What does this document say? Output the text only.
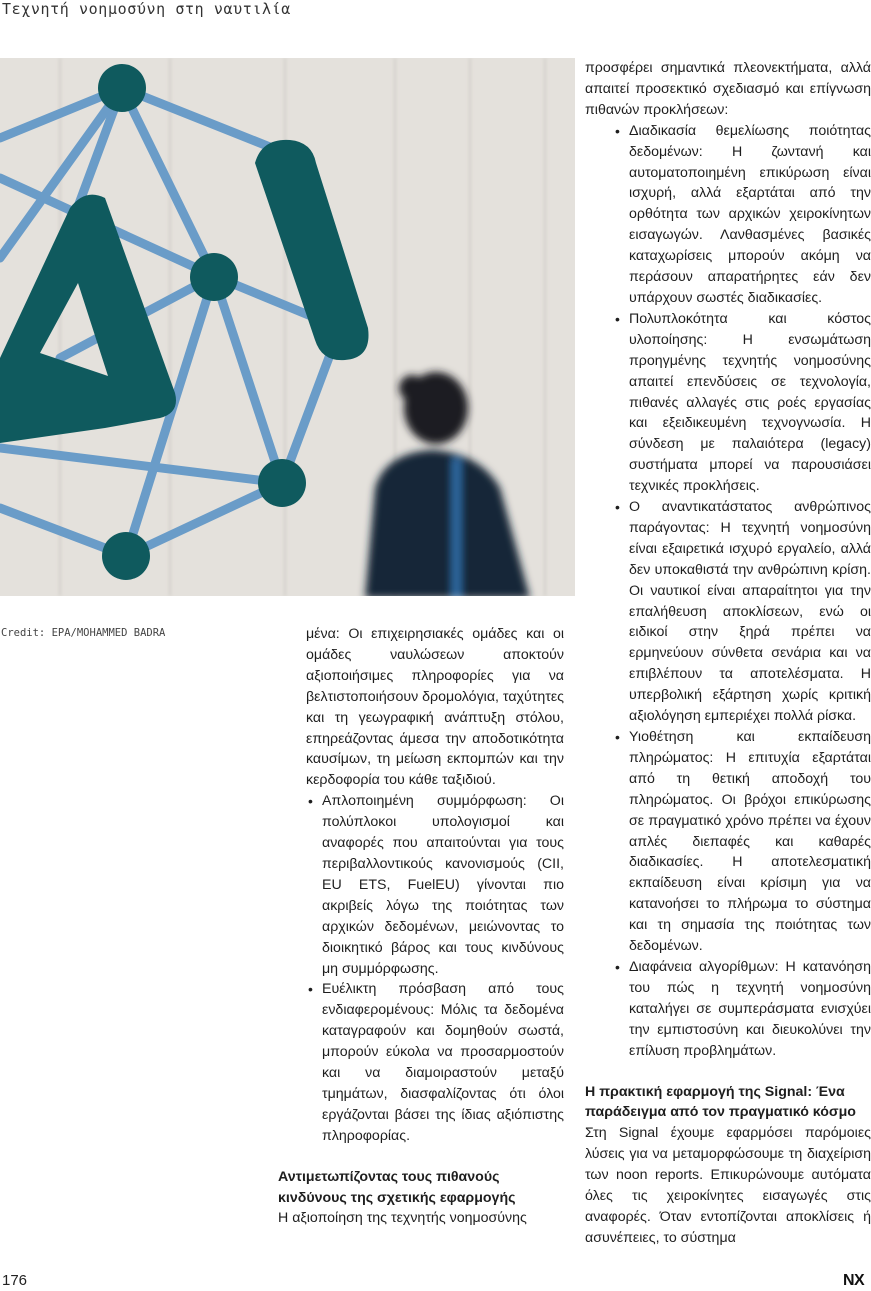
Τεχνητή νοημοσύνη στη ναυτιλία
Credit: EPA/MOHAMMED BADRA	μένα: Οι επιχειρησιακές ομάδες και οι ομάδες ναυλώσεων αποκτούν αξιοποιήσιμες πληροφορίες για να βελτιστοποιήσουν δρομολόγια, ταχύτητες και τη γεωγραφική ανάπτυξη στόλου, επηρεάζοντας άμεσα την αποδοτικότητα καυσίμων, τη μείωση εκπομπών και την κερδοφορία του κάθε ταξιδιού.

• Απλοποιημένη συμμόρφωση: Οι πολύπλοκοι υπολογισμοί και αναφορές που απαιτούνται για τους περιβαλλοντικούς κανονισμούς (CII, EU ETS, FuelEU) γίνονται πιο ακριβείς λόγω της ποιότητας των αρχικών δεδομένων, μειώνοντας το διοικητικό βάρος και τους κινδύνους μη συμμόρφωσης.
• Ευέλικτη πρόσβαση από τους ενδιαφερομένους: Μόλις τα δεδομένα καταγραφούν και δομηθούν σωστά, μπορούν εύκολα να προσαρμοστούν και να διαμοιραστούν μεταξύ τμημάτων, διασφαλίζοντας ότι όλοι εργάζονται βάσει της ίδιας αξιόπιστης πληροφορίας.
Αντιμετωπίζοντας τους πιθανούς κινδύνους της σχετικής εφαρμογής

Η αξιοποίηση της τεχνητής νοημοσύνης

προσφέρει σημαντικά πλεονεκτήματα, αλλά απαιτεί προσεκτικό σχεδιασμό και επίγνωση πιθανών προκλήσεων:

• Διαδικασία θεμελίωσης ποιότητας δεδομένων: Η ζωντανή και αυτοματοποιημένη επικύρωση είναι ισχυρή, αλλά εξαρτάται από την ορθότητα των αρχικών χειροκίνητων εισαγωγών. Λανθασμένες βασικές καταχωρίσεις μπορούν ακόμη να περάσουν απαρατήρητες εάν δεν υπάρχουν σωστές διαδικασίες.
• Πολυπλοκότητα και κόστος υλοποίησης: Η ενσωμάτωση προηγμένης τεχνητής νοημοσύνης απαιτεί επενδύσεις σε τεχνολογία, πιθανές αλλαγές στις ροές εργασίας και εξειδικευμένη τεχνογνωσία. Η σύνδεση με παλαιότερα (legacy) συστήματα μπορεί να παρουσιάσει τεχνικές προκλήσεις.
• Ο αναντικατάστατος ανθρώπινος παράγοντας: Η τεχνητή νοημοσύνη είναι εξαιρετικά ισχυρό εργαλείο, αλλά δεν υποκαθιστά την ανθρώπινη κρίση. Οι ναυτικοί είναι απαραίτητοι για την επαλήθευση αποκλίσεων, ενώ οι ειδικοί στην ξηρά πρέπει να ερμηνεύουν σύνθετα σενάρια και να επιβλέπουν τα αποτελέσματα. Η υπερβολική εξάρτηση χωρίς κριτική αξιολόγηση εμπεριέχει πολλά ρίσκα.
• Υιοθέτηση και εκπαίδευση πληρώματος: Η επιτυχία εξαρτάται από τη θετική αποδοχή του πληρώματος. Οι βρόχοι επικύρωσης σε πραγματικό χρόνο πρέπει να έχουν απλές διεπαφές και καθαρές διαδικασίες. Η αποτελεσματική εκπαίδευση είναι κρίσιμη για να κατανοήσει το πλήρωμα το σύστημα και τη σημασία της ποιότητας των δεδομένων.
• Διαφάνεια αλγορίθμων: Η κατανόηση του πώς η τεχνητή νοημοσύνη καταλήγει σε συμπεράσματα ενισχύει την εμπιστοσύνη και διευκολύνει την επίλυση προβλημάτων.
Η πρακτική εφαρμογή της Signal: Ένα παράδειγμα από τον πραγματικό κόσμο

Στη Signal έχουμε εφαρμόσει παρόμοιες λύσεις για να μεταμορφώσουμε τη διαχείριση των noon reports. Επικυρώνουμε αυτόματα όλες τις χειροκίνητες εισαγωγές στις αναφορές. Όταν εντοπίζονται αποκλίσεις ή ασυνέπειες, το σύστημα

176	NX
